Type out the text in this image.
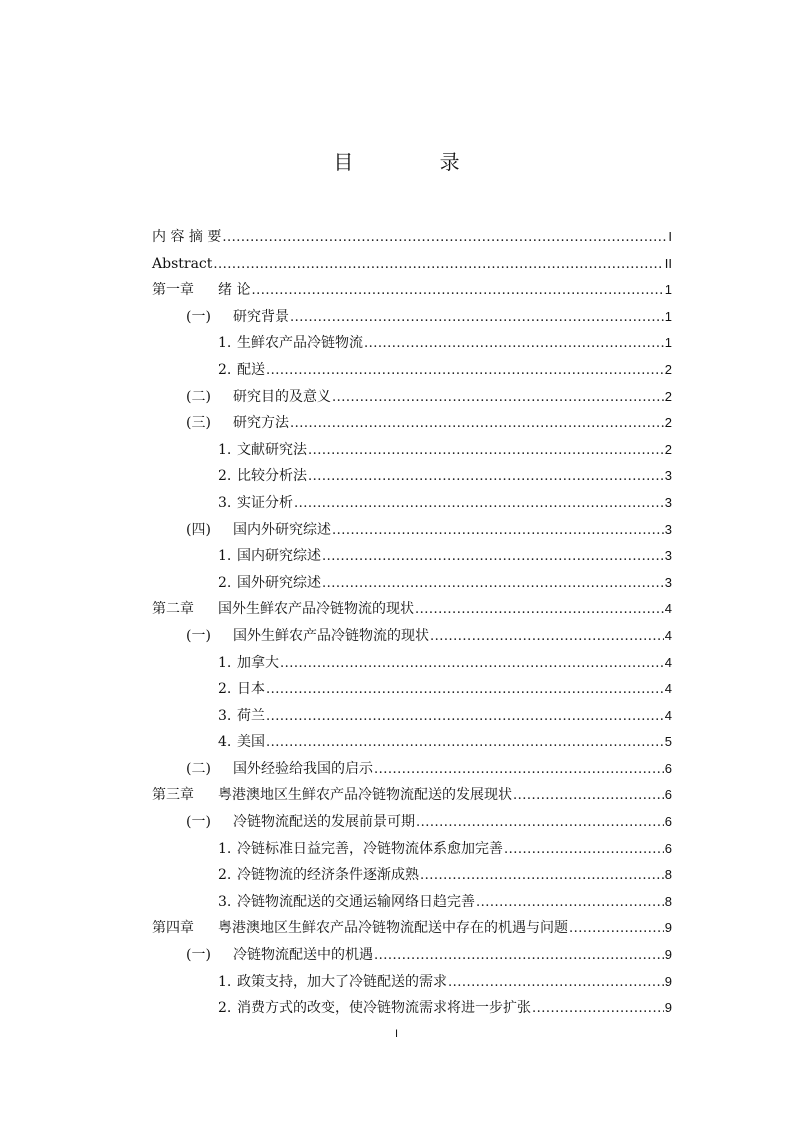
目 录
内 容 摘 要 .....	I
Abstract .....	II
第一章	绪 论 .....	1
(一)	研究背景 .....	1
1. 生鲜农产品冷链物流 .....	1
2. 配送 .....	2
(二)	研究目的及意义 .....	2
(三)	研究方法 .....	2
1. 文献研究法 .....	2
2. 比较分析法 .....	3
3. 实证分析 .....	3
(四)	国内外研究综述 .....	3
1. 国内研究综述 .....	3
2. 国外研究综述 .....	3
第二章	国外生鲜农产品冷链物流的现状 .....	4
(一)	国外生鲜农产品冷链物流的现状 .....	4
1. 加拿大 .....	4
2. 日本 .....	4
3. 荷兰 .....	4
4. 美国 .....	5
(二)	国外经验给我国的启示 .....	6
第三章	粤港澳地区生鲜农产品冷链物流配送的发展现状 .....	6
(一)	冷链物流配送的发展前景可期 .....	6
1. 冷链标准日益完善，冷链物流体系愈加完善 .....	6
2. 冷链物流的经济条件逐渐成熟 .....	8
3. 冷链物流配送的交通运输网络日趋完善 .....	8
第四章	粤港澳地区生鲜农产品冷链物流配送中存在的机遇与问题 .....	9
(一)	冷链物流配送中的机遇 .....	9
1. 政策支持，加大了冷链配送的需求 .....	9
2. 消费方式的改变，使冷链物流需求将进一步扩张 .....	9
I
